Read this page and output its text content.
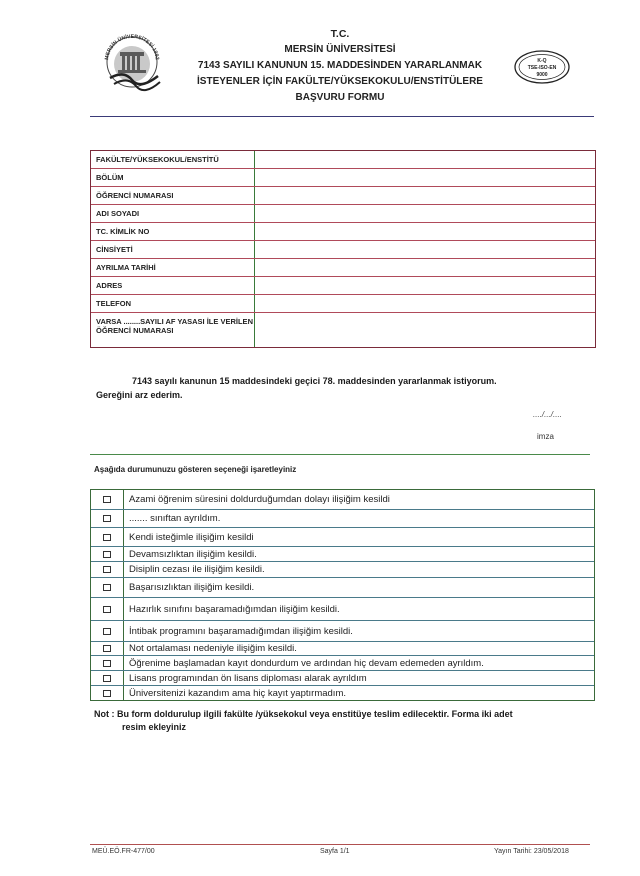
MERSİN ÜNİVERSİTESİ 1992
T.C.
MERSİN ÜNİVERSİTESİ
7143 SAYILI KANUNUN 15. MADDESİNDEN YARARLANMAK
İSTEYENLER İÇİN FAKÜLTE/YÜKSEKOKULU/ENSTİTÜLERE
BAŞVURU FORMU
K-Q
TSE-ISO-EN
9000
FAKÜLTE/YÜKSEKOKUL/ENSTİTÜ
BÖLÜM
ÖĞRENCİ NUMARASI
ADI SOYADI
TC. KİMLİK NO
CİNSİYETİ
AYRILMA TARİHİ
ADRES
TELEFON
VARSA ........SAYILI AF YASASI İLE VERİLEN ÖĞRENCİ NUMARASI
7143 sayılı kanunun 15 maddesindeki geçici 78. maddesinden yararlanmak istiyorum.
Gereğini arz ederim.
..../.../....
imza
Aşağıda durumunuzu gösteren seçeneği işaretleyiniz
Azami öğrenim süresini doldurduğumdan dolayı ilişiğim kesildi
....... sınıftan ayrıldım.
Kendi isteğimle ilişiğim kesildi
Devamsızlıktan ilişiğim kesildi.
Disiplin cezası ile ilişiğim kesildi.
Başarısızlıktan ilişiğim kesildi.
Hazırlık sınıfını başaramadığımdan ilişiğim kesildi.
İntibak programını başaramadığımdan ilişiğim kesildi.
Not ortalaması nedeniyle ilişiğim kesildi.
Öğrenime başlamadan kayıt dondurdum ve ardından hiç devam edemeden ayrıldım.
Lisans programından ön lisans diploması alarak ayrıldım
Üniversitenizi kazandım ama hiç kayıt yaptırmadım.
Not : Bu form doldurulup ilgili fakülte /yüksekokul veya enstitüye teslim edilecektir. Forma iki adet
resim ekleyiniz
MEÜ.EÖ.FR-477/00	Sayfa 1/1	Yayın Tarihi: 23/05/2018
